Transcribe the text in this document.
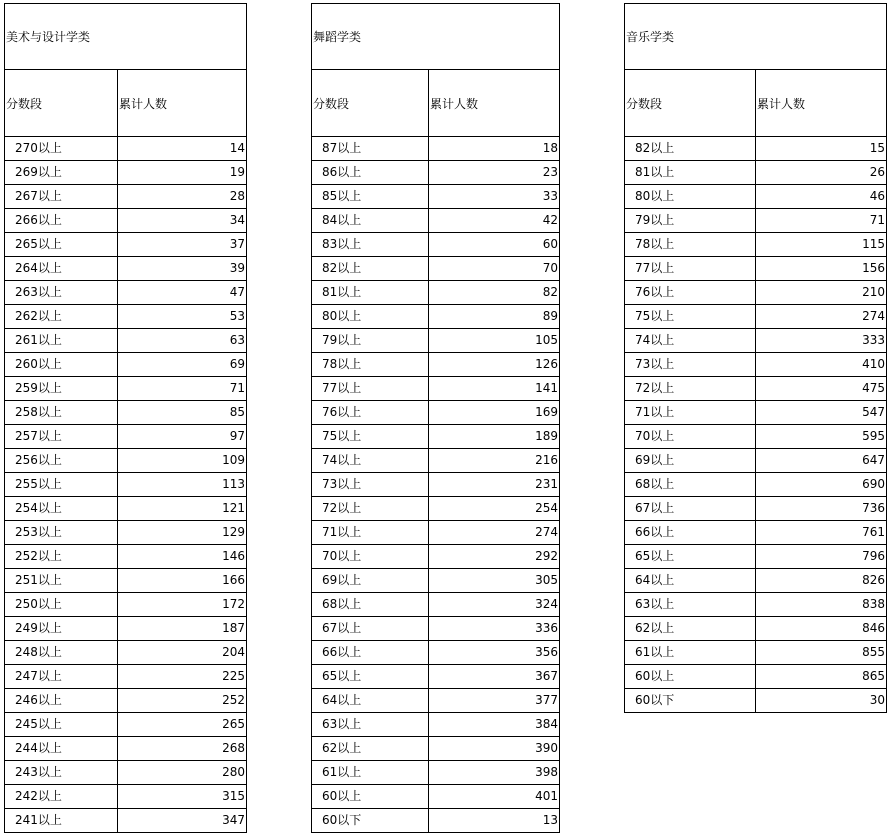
美术与设计学类
分数段	累计人数
270以上	14
269以上	19
267以上	28
266以上	34
265以上	37
264以上	39
263以上	47
262以上	53
261以上	63
260以上	69
259以上	71
258以上	85
257以上	97
256以上	109
255以上	113
254以上	121
253以上	129
252以上	146
251以上	166
250以上	172
249以上	187
248以上	204
247以上	225
246以上	252
245以上	265
244以上	268
243以上	280
242以上	315
241以上	347
舞蹈学类
分数段	累计人数
87以上	18
86以上	23
85以上	33
84以上	42
83以上	60
82以上	70
81以上	82
80以上	89
79以上	105
78以上	126
77以上	141
76以上	169
75以上	189
74以上	216
73以上	231
72以上	254
71以上	274
70以上	292
69以上	305
68以上	324
67以上	336
66以上	356
65以上	367
64以上	377
63以上	384
62以上	390
61以上	398
60以上	401
60以下	13
音乐学类
分数段	累计人数
82以上	15
81以上	26
80以上	46
79以上	71
78以上	115
77以上	156
76以上	210
75以上	274
74以上	333
73以上	410
72以上	475
71以上	547
70以上	595
69以上	647
68以上	690
67以上	736
66以上	761
65以上	796
64以上	826
63以上	838
62以上	846
61以上	855
60以上	865
60以下	30
